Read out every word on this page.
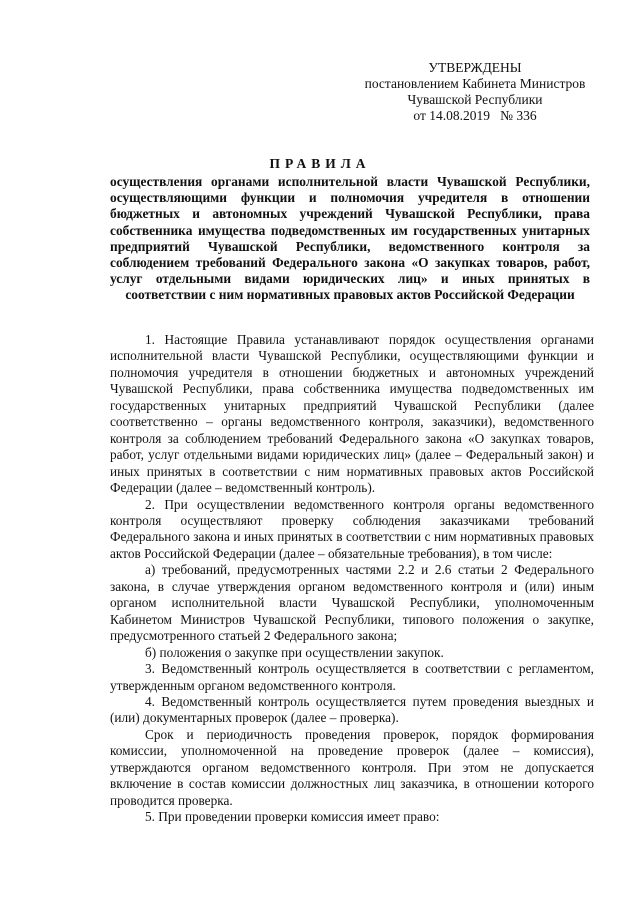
УТВЕРЖДЕНЫ
постановлением Кабинета Министров
Чувашской Республики
от 14.08.2019   № 336
ПРАВИЛА
осуществления органами исполнительной власти Чувашской Республики, осуществляющими функции и полномочия учредителя в отношении бюджетных и автономных учреждений Чувашской Республики, права собственника имущества подведомственных им государственных унитарных предприятий Чувашской Республики, ведомственного контроля за соблюдением требований Федерального закона «О закупках товаров, работ, услуг отдельными видами юридических лиц» и иных принятых в соответствии с ним нормативных правовых актов Российской Федерации

1. Настоящие Правила устанавливают порядок осуществления органами исполнительной власти Чувашской Республики, осуществляющими функции и полномочия учредителя в отношении бюджетных и автономных учреждений Чувашской Республики, права собственника имущества подведомственных им государственных унитарных предприятий Чувашской Республики (далее соответственно – органы ведомственного контроля, заказчики), ведомственного контроля за соблюдением требований Федерального закона «О закупках товаров, работ, услуг отдельными видами юридических лиц» (далее – Федеральный закон) и иных принятых в соответствии с ним нормативных правовых актов Российской Федерации (далее – ведомственный контроль).

2. При осуществлении ведомственного контроля органы ведомственного контроля осуществляют проверку соблюдения заказчиками требований Федерального закона и иных принятых в соответствии с ним нормативных правовых актов Российской Федерации (далее – обязательные требования), в том числе:

а) требований, предусмотренных частями 2.2 и 2.6 статьи 2 Федерального закона, в случае утверждения органом ведомственного контроля и (или) иным органом исполнительной власти Чувашской Республики, уполномоченным Кабинетом Министров Чувашской Республики, типового положения о закупке, предусмотренного статьей 2 Федерального закона;

б) положения о закупке при осуществлении закупок.

3. Ведомственный контроль осуществляется в соответствии с регламентом, утвержденным органом ведомственного контроля.

4. Ведомственный контроль осуществляется путем проведения выездных и (или) документарных проверок (далее – проверка).

Срок и периодичность проведения проверок, порядок формирования комиссии, уполномоченной на проведение проверок (далее – комиссия), утверждаются органом ведомственного контроля. При этом не допускается включение в состав комиссии должностных лиц заказчика, в отношении которого проводится проверка.

5. При проведении проверки комиссия имеет право:
